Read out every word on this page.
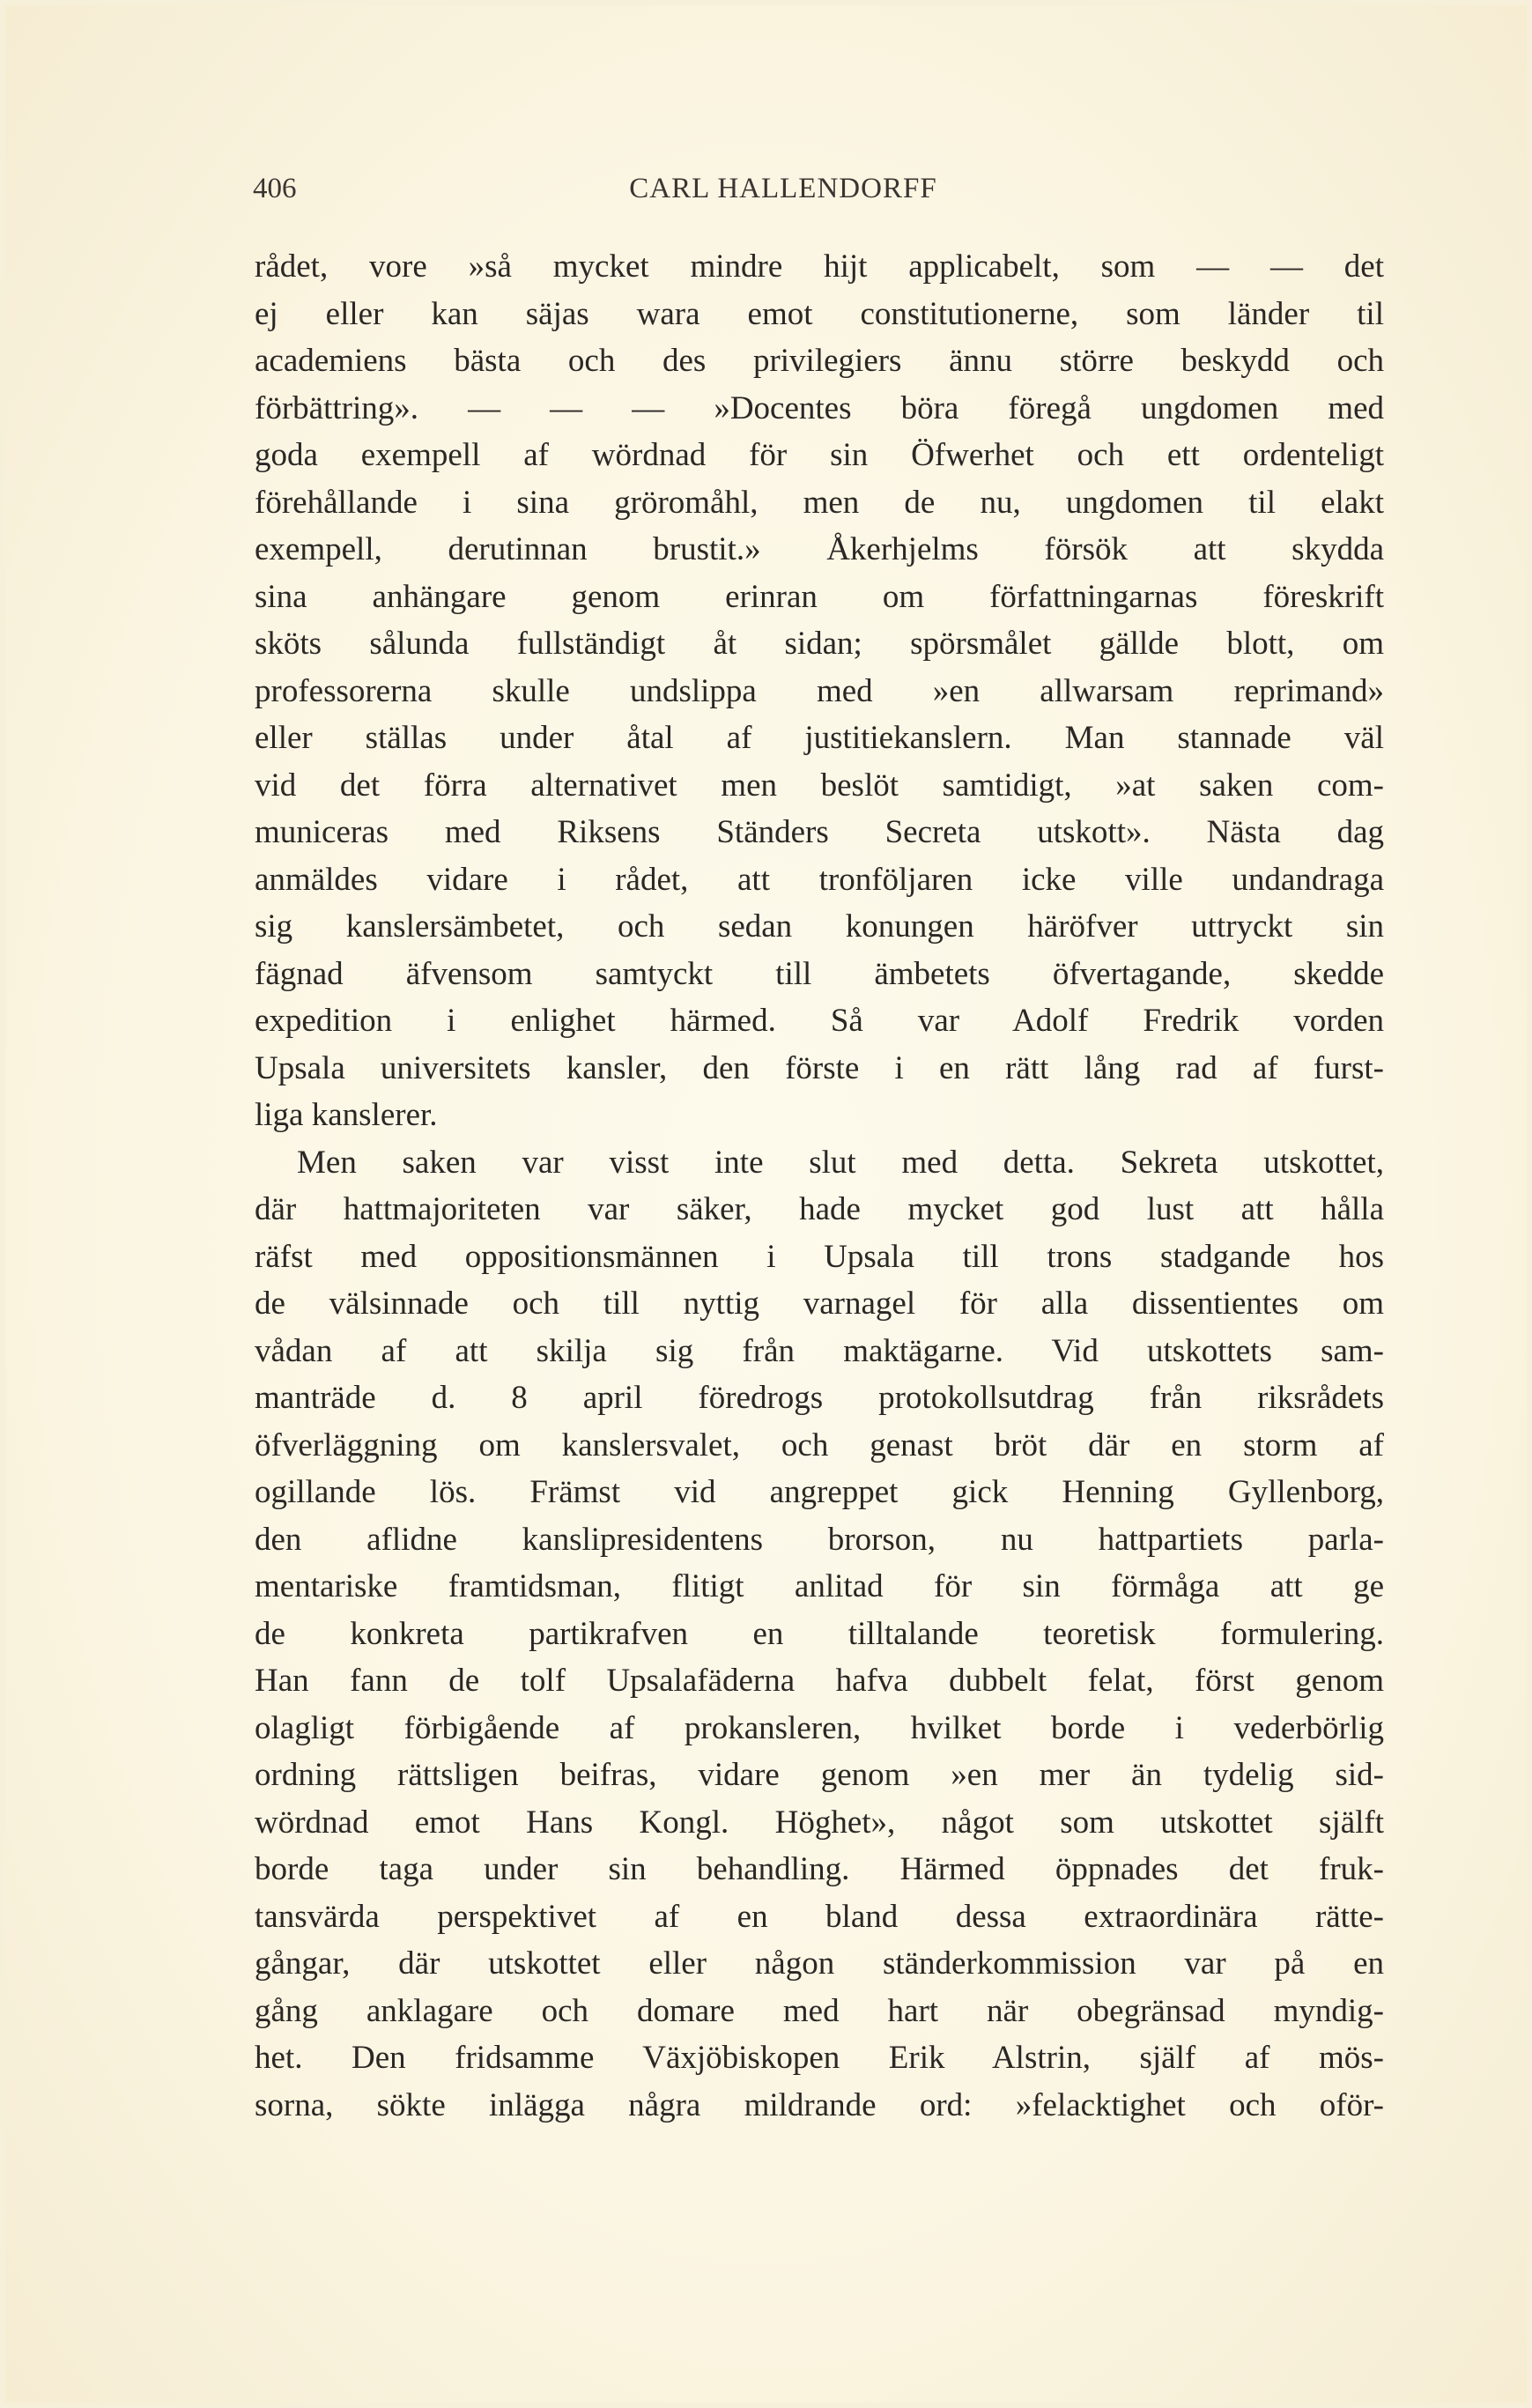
406	CARL HALLENDORFF
rådet, vore »så mycket mindre hijt applicabelt, som — — det
ej eller kan säjas wara emot constitutionerne, som länder til
academiens bästa och des privilegiers ännu större beskydd och
förbättring». — — — »Docentes böra föregå ungdomen med
goda exempell af wördnad för sin Öfwerhet och ett ordenteligt
förehållande i sina gröromåhl, men de nu, ungdomen til elakt
exempell, derutinnan brustit.» Åkerhjelms försök att skydda
sina anhängare genom erinran om författningarnas föreskrift
sköts sålunda fullständigt åt sidan; spörsmålet gällde blott, om
professorerna skulle undslippa med »en allwarsam reprimand»
eller ställas under åtal af justitiekanslern. Man stannade väl
vid det förra alternativet men beslöt samtidigt, »at saken com-
municeras med Riksens Ständers Secreta utskott». Nästa dag
anmäldes vidare i rådet, att tronföljaren icke ville undandraga
sig kanslersämbetet, och sedan konungen häröfver uttryckt sin
fägnad äfvensom samtyckt till ämbetets öfvertagande, skedde
expedition i enlighet härmed. Så var Adolf Fredrik vorden
Upsala universitets kansler, den förste i en rätt lång rad af furst-
liga kanslerer.
Men saken var visst inte slut med detta. Sekreta utskottet,
där hattmajoriteten var säker, hade mycket god lust att hålla
räfst med oppositionsmännen i Upsala till trons stadgande hos
de välsinnade och till nyttig varnagel för alla dissentientes om
vådan af att skilja sig från maktägarne. Vid utskottets sam-
manträde d. 8 april föredrogs protokollsutdrag från riksrådets
öfverläggning om kanslersvalet, och genast bröt där en storm af
ogillande lös. Främst vid angreppet gick Henning Gyllenborg,
den aflidne kanslipresidentens brorson, nu hattpartiets parla-
mentariske framtidsman, flitigt anlitad för sin förmåga att ge
de konkreta partikrafven en tilltalande teoretisk formulering.
Han fann de tolf Upsalafäderna hafva dubbelt felat, först genom
olagligt förbigående af prokansleren, hvilket borde i vederbörlig
ordning rättsligen beifras, vidare genom »en mer än tydelig sid-
wördnad emot Hans Kongl. Höghet», något som utskottet själft
borde taga under sin behandling. Härmed öppnades det fruk-
tansvärda perspektivet af en bland dessa extraordinära rätte-
gångar, där utskottet eller någon ständerkommission var på en
gång anklagare och domare med hart när obegränsad myndig-
het. Den fridsamme Växjöbiskopen Erik Alstrin, själf af mös-
sorna, sökte inlägga några mildrande ord: »felacktighet och oför-
